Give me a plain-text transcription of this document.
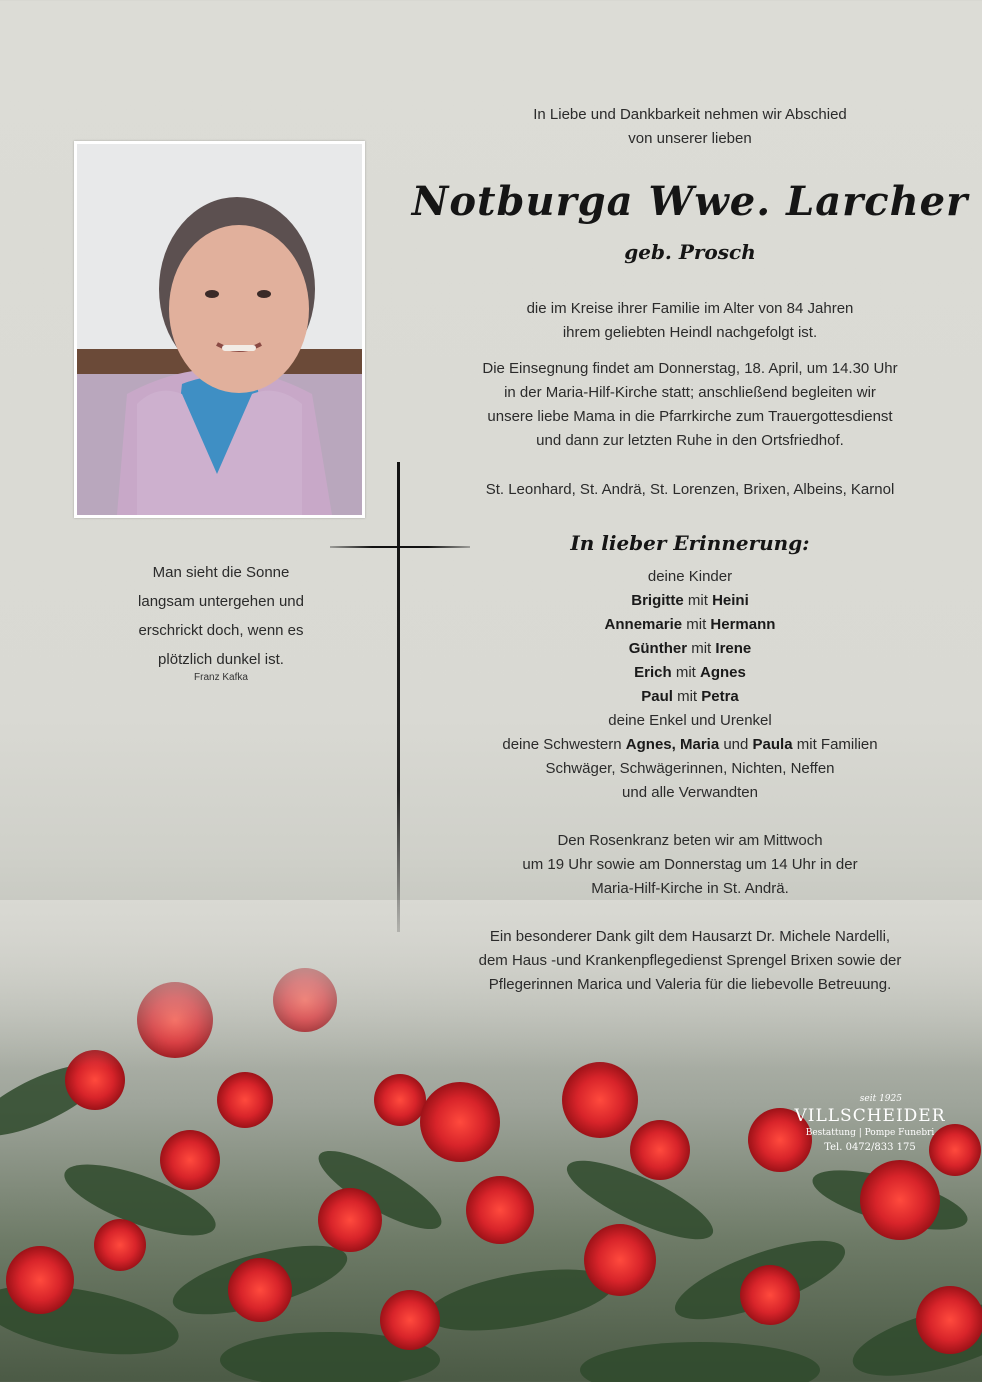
In Liebe und Dankbarkeit nehmen wir Abschied
von unserer lieben
Notburga Wwe. Larcher
geb. Prosch
die im Kreise ihrer Familie im Alter von 84 Jahren
ihrem geliebten Heindl nachgefolgt ist.
Die Einsegnung findet am Donnerstag, 18. April, um 14.30 Uhr
in der Maria-Hilf-Kirche statt; anschließend begleiten wir
unsere liebe Mama in die Pfarrkirche zum Trauergottesdienst
und dann zur letzten Ruhe in den Ortsfriedhof.
St. Leonhard, St. Andrä, St. Lorenzen, Brixen, Albeins, Karnol
Man sieht die Sonne
langsam untergehen und
erschrickt doch, wenn es
plötzlich dunkel ist.
Franz Kafka
In lieber Erinnerung:
deine Kinder
Brigitte mit Heini
Annemarie mit Hermann
Günther mit Irene
Erich mit Agnes
Paul mit Petra
deine Enkel und Urenkel
deine Schwestern Agnes, Maria und Paula mit Familien
Schwäger, Schwägerinnen, Nichten, Neffen
und alle Verwandten
Den Rosenkranz beten wir am Mittwoch
um 19 Uhr sowie am Donnerstag um 14 Uhr in der
Maria-Hilf-Kirche in St. Andrä.
Ein besonderer Dank gilt dem Hausarzt Dr. Michele Nardelli,
dem Haus -und Krankenpflegedienst Sprengel Brixen sowie der
Pflegerinnen Marica und Valeria für die liebevolle Betreuung.
seit 1925
VILLSCHEIDER
Bestattung | Pompe Funebri
Tel. 0472/833 175
